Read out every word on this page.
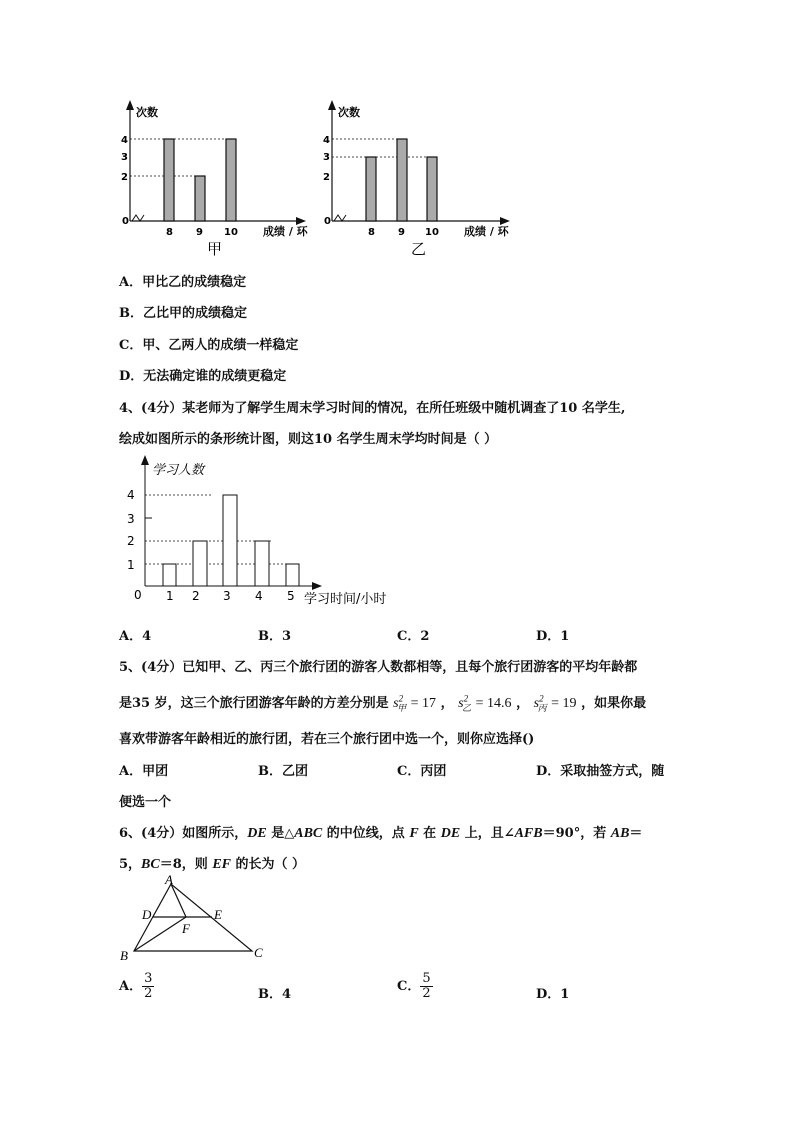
次数
4
3
2
0
8 9 10 成绩 / 环
甲
次数
4
3
2
0
8 9 10 成绩 / 环
乙
A．甲比乙的成绩稳定
B．乙比甲的成绩稳定
C．甲、乙两人的成绩一样稳定
D．无法确定谁的成绩更稳定
4、(4分）某老师为了解学生周末学习时间的情况，在所任班级中随机调查了10 名学生,
绘成如图所示的条形统计图，则这10 名学生周末学均时间是（ ）
学习人数
4
3
2
1
0 1 2 3 4 5 学习时间/小时
A．4	B．3	C．2	D．1
5、(4分）已知甲、乙、丙三个旅行团的游客人数都相等，且每个旅行团游客的平均年龄都
是35 岁，这三个旅行团游客年龄的方差分别是 $s^2_甲 = 17$ ， $s^2_乙 = 14.6$ ， $s^2_丙 = 19$ ，如果你最
喜欢带游客年龄相近的旅行团，若在三个旅行团中选一个，则你应选择()
A．甲团	B．乙团	C．丙团	D．采取抽签方式，随
便选一个
6、(4分）如图所示，DE 是△ABC 的中位线，点 F 在 DE 上，且∠AFB＝90°，若 AB＝
5，BC＝8，则 EF 的长为（ ）
A
D	E
F
B	C
A． $\frac{3}{2}$	B．4
C． $\frac{5}{2}$	D．1
